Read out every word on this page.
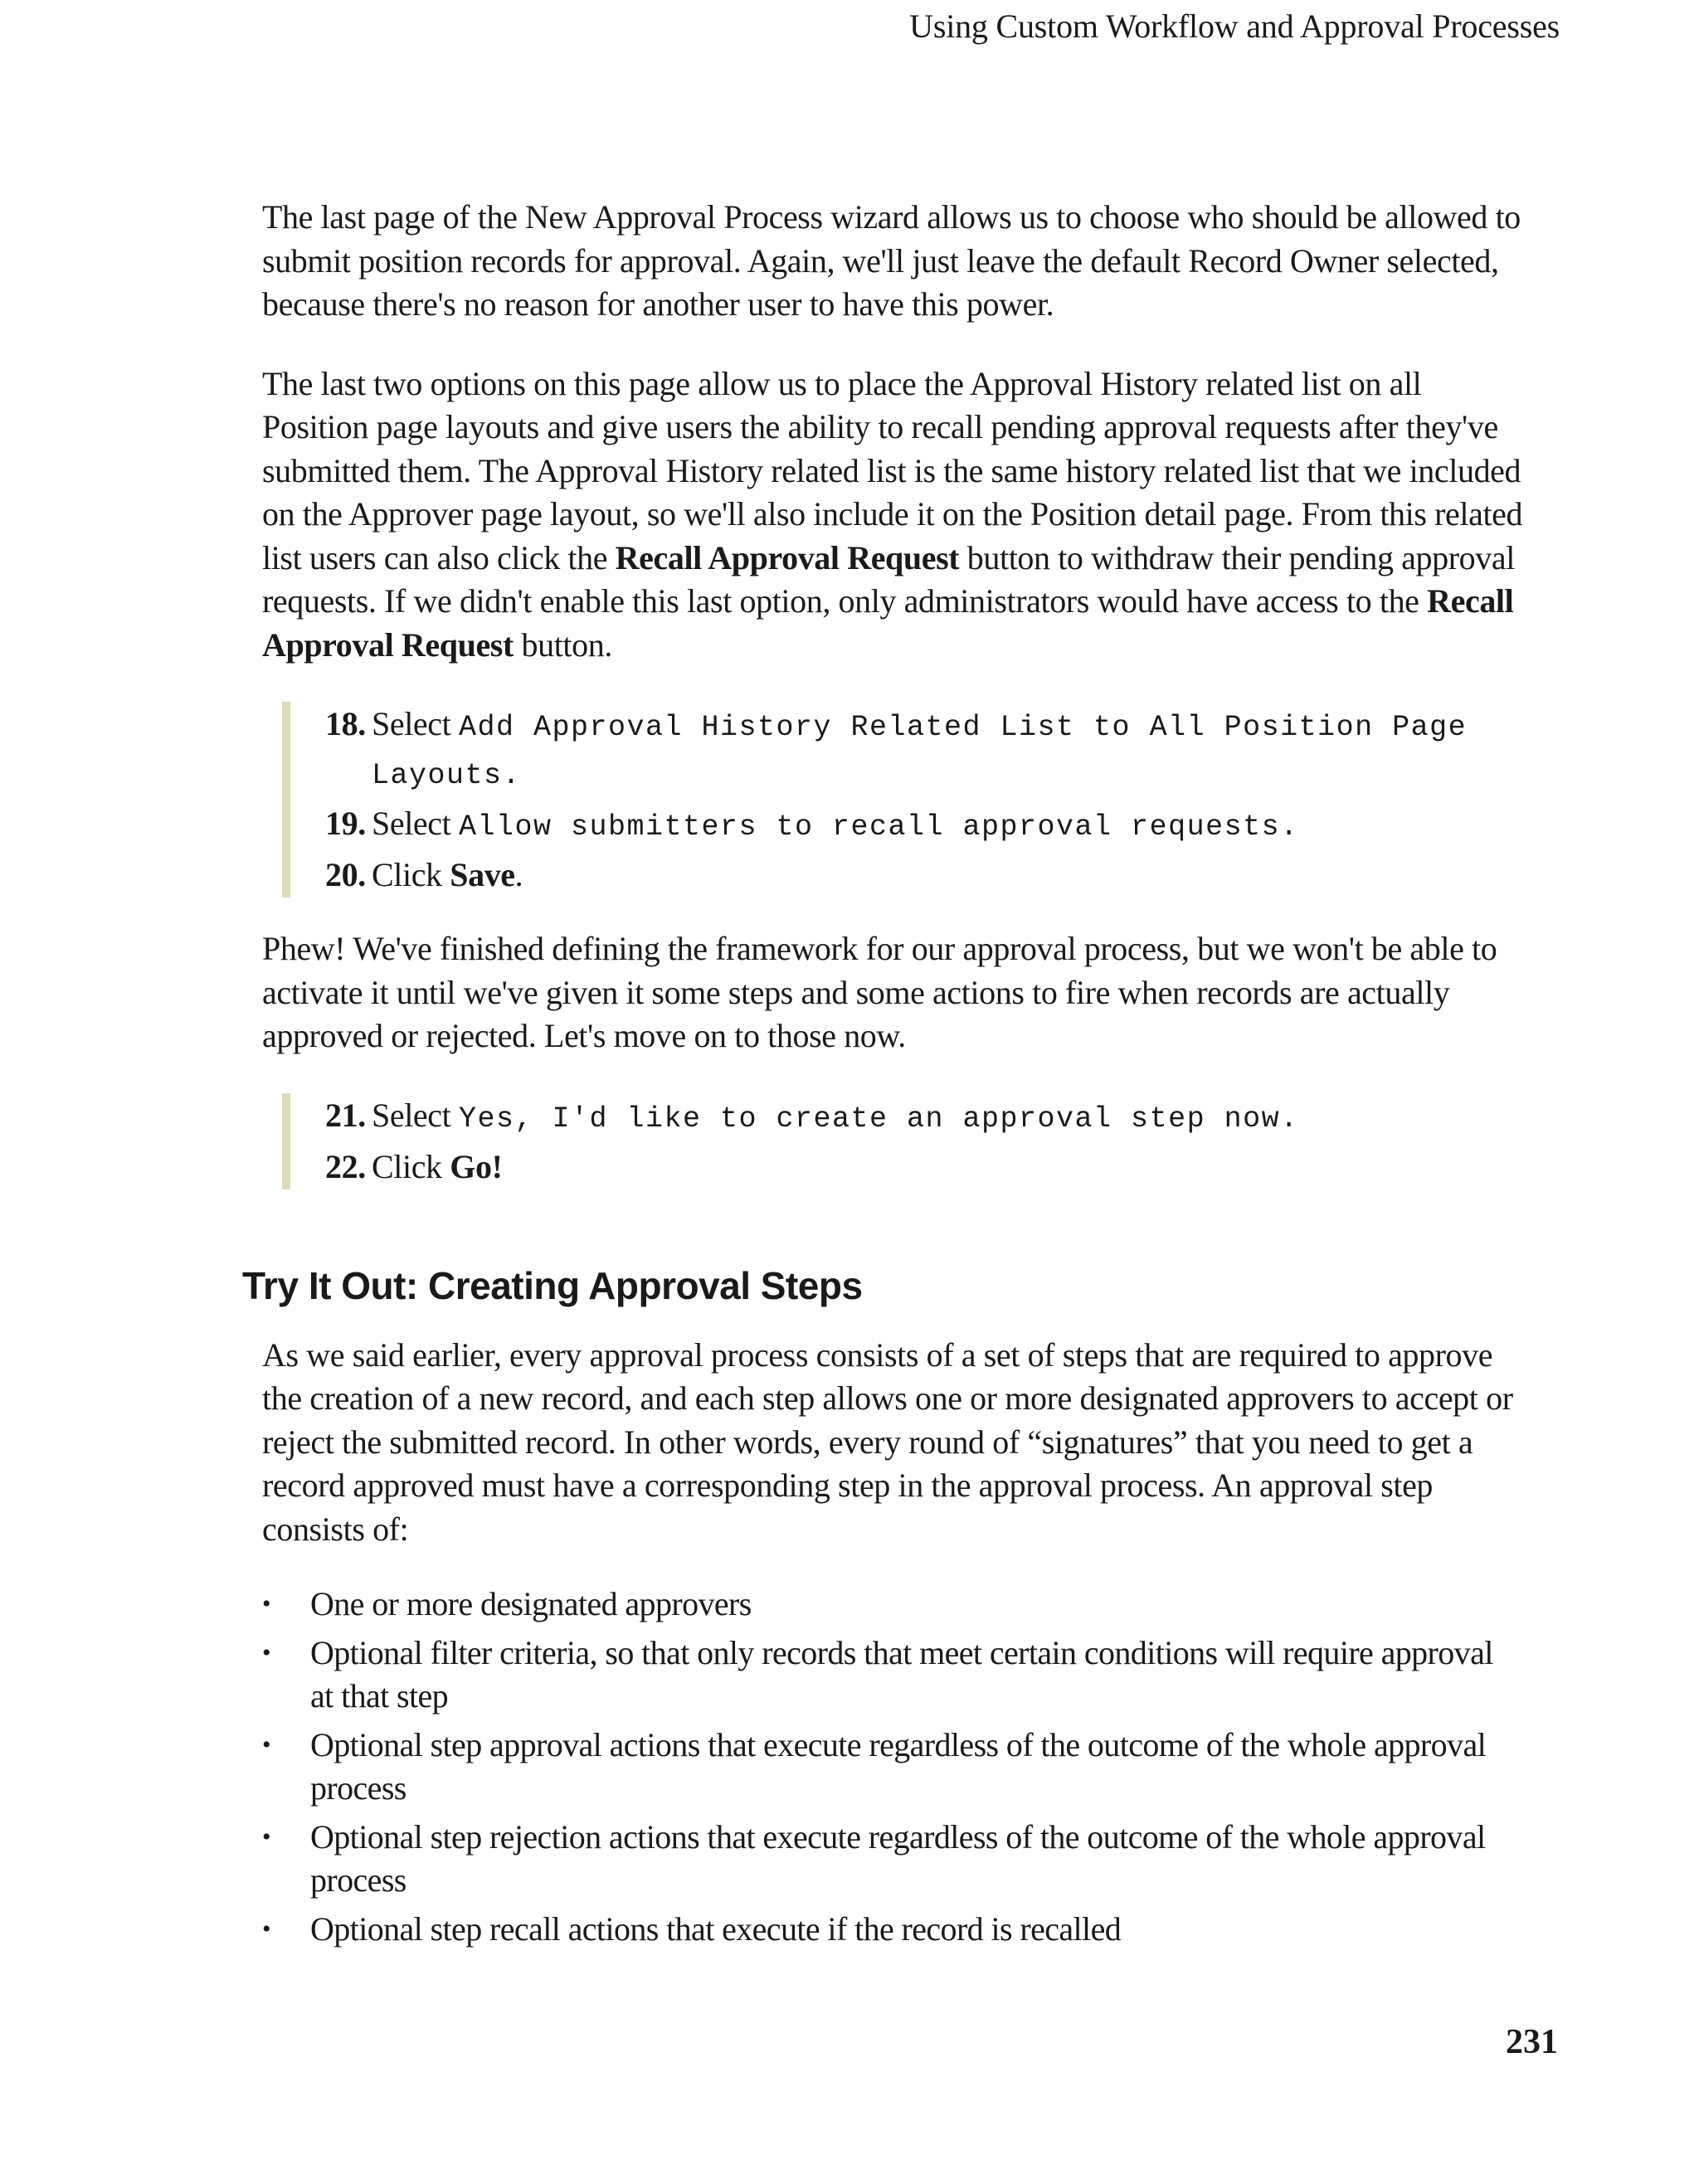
Using Custom Workflow and Approval Processes

The last page of the New Approval Process wizard allows us to choose who should be allowed to submit position records for approval. Again, we'll just leave the default Record Owner selected, because there's no reason for another user to have this power.

The last two options on this page allow us to place the Approval History related list on all Position page layouts and give users the ability to recall pending approval requests after they've submitted them. The Approval History related list is the same history related list that we included on the Approver page layout, so we'll also include it on the Position detail page. From this related list users can also click the Recall Approval Request button to withdraw their pending approval requests. If we didn't enable this last option, only administrators would have access to the Recall Approval Request button.

18. Select Add Approval History Related List to All Position Page Layouts.
19. Select Allow submitters to recall approval requests.
20. Click Save.

Phew! We've finished defining the framework for our approval process, but we won't be able to activate it until we've given it some steps and some actions to fire when records are actually approved or rejected. Let's move on to those now.

21. Select Yes, I'd like to create an approval step now.
22. Click Go!
Try It Out: Creating Approval Steps

As we said earlier, every approval process consists of a set of steps that are required to approve the creation of a new record, and each step allows one or more designated approvers to accept or reject the submitted record. In other words, every round of “signatures” that you need to get a record approved must have a corresponding step in the approval process. An approval step consists of:

•	One or more designated approvers
•	Optional filter criteria, so that only records that meet certain conditions will require approval at that step
•	Optional step approval actions that execute regardless of the outcome of the whole approval process
•	Optional step rejection actions that execute regardless of the outcome of the whole approval process
•	Optional step recall actions that execute if the record is recalled
231
